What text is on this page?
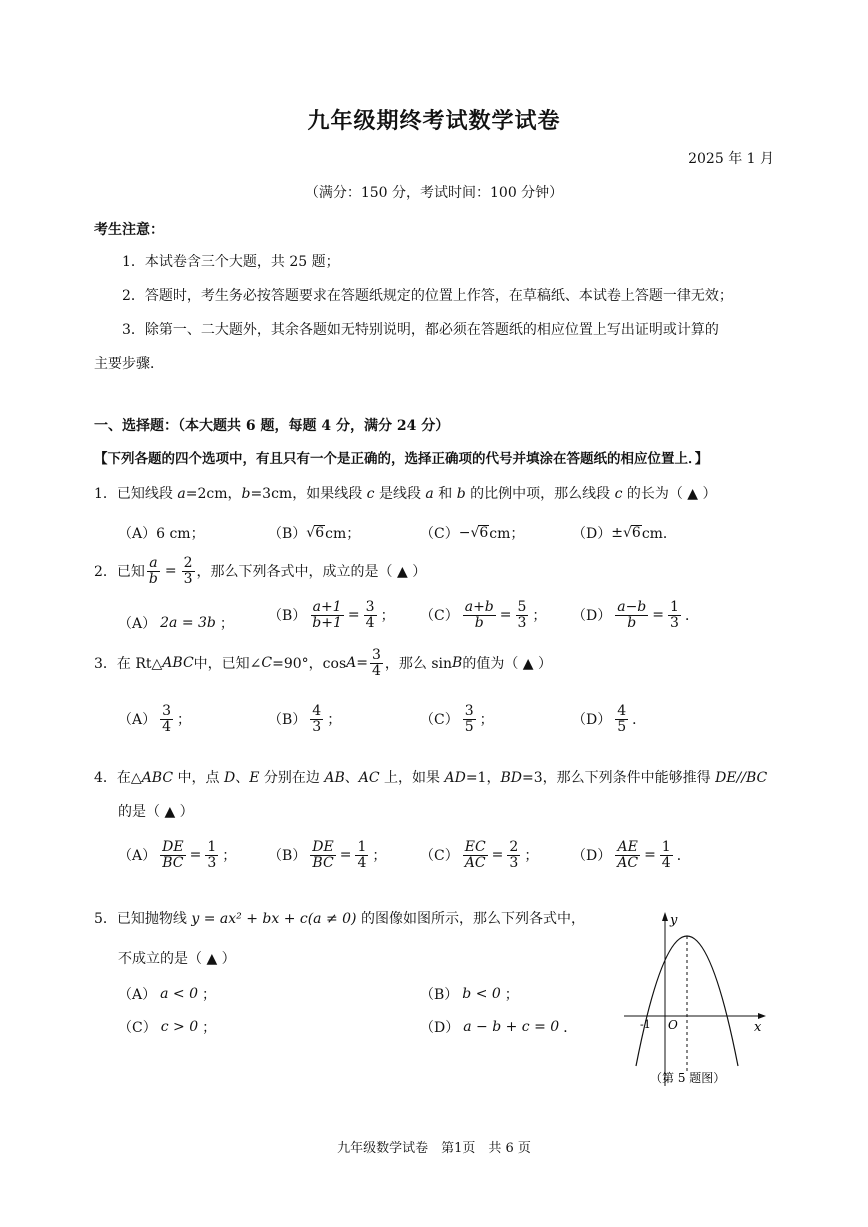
九年级期终考试数学试卷
2025 年 1 月
（满分：150 分，考试时间：100 分钟）
考生注意：
1．本试卷含三个大题，共 25 题；
2．答题时，考生务必按答题要求在答题纸规定的位置上作答，在草稿纸、本试卷上答题一律无效；
3．除第一、二大题外，其余各题如无特别说明，都必须在答题纸的相应位置上写出证明或计算的
主要步骤．
一、选择题：（本大题共 6 题，每题 4 分，满分 24 分）
【下列各题的四个选项中，有且只有一个是正确的，选择正确项的代号并填涂在答题纸的相应位置上．】
1．已知线段 a=2cm，b=3cm，如果线段 c 是线段 a 和 b 的比例中项，那么线段 c 的长为（ ▲ ）
（A）6 cm；	（B） √ 6 cm；	（C） −√ 6 cm；	（D） ±√ 6 cm．
2．已知 $\frac{a}{b} = \frac{2}{3}$ ，那么下列各式中，成立的是（ ▲ ）
（A） 2a = 3b ； $(B) \frac{a+1}{b+1} = \frac{3}{4}$ ； $(C) \frac{a+b}{b} = \frac{5}{3}$ ； $(D) \frac{a-b}{b} = \frac{1}{3}$ ．
3．在 Rt△ ABC 中，已知∠ C =90°，$\cos A = \frac{3}{4}$ ，那么 sin B 的值为（ ▲ ）
$(A) \frac{3}{4}$ ；	$(B) \frac{4}{3}$ ；	$(C) \frac{3}{5}$ ；	$(D) \frac{4}{5}$ ．
4．在△ABC 中，点 D、E 分别在边 AB、AC 上，如果 AD=1，BD=3，那么下列条件中能够推得 DE//BC
的是（ ▲ ）
$(A) \frac{DE}{BC} = \frac{1}{3}$ ； $(B) \frac{DE}{BC} = \frac{1}{4}$ ； $(C) \frac{EC}{AC} = \frac{2}{3}$ ； $(D) \frac{AE}{AC} = \frac{1}{4}$ ．
5．已知抛物线 y = ax² + bx + c(a ≠ 0) 的图像如图所示，那么下列各式中，
不成立的是（ ▲ ）
（A） a < 0 ；	（B） b < 0 ；
（C） c > 0 ；	（D） a − b + c = 0 ．
y
x
O
-1
（第 5 题图）
九年级数学试卷　第1页　共 6 页
